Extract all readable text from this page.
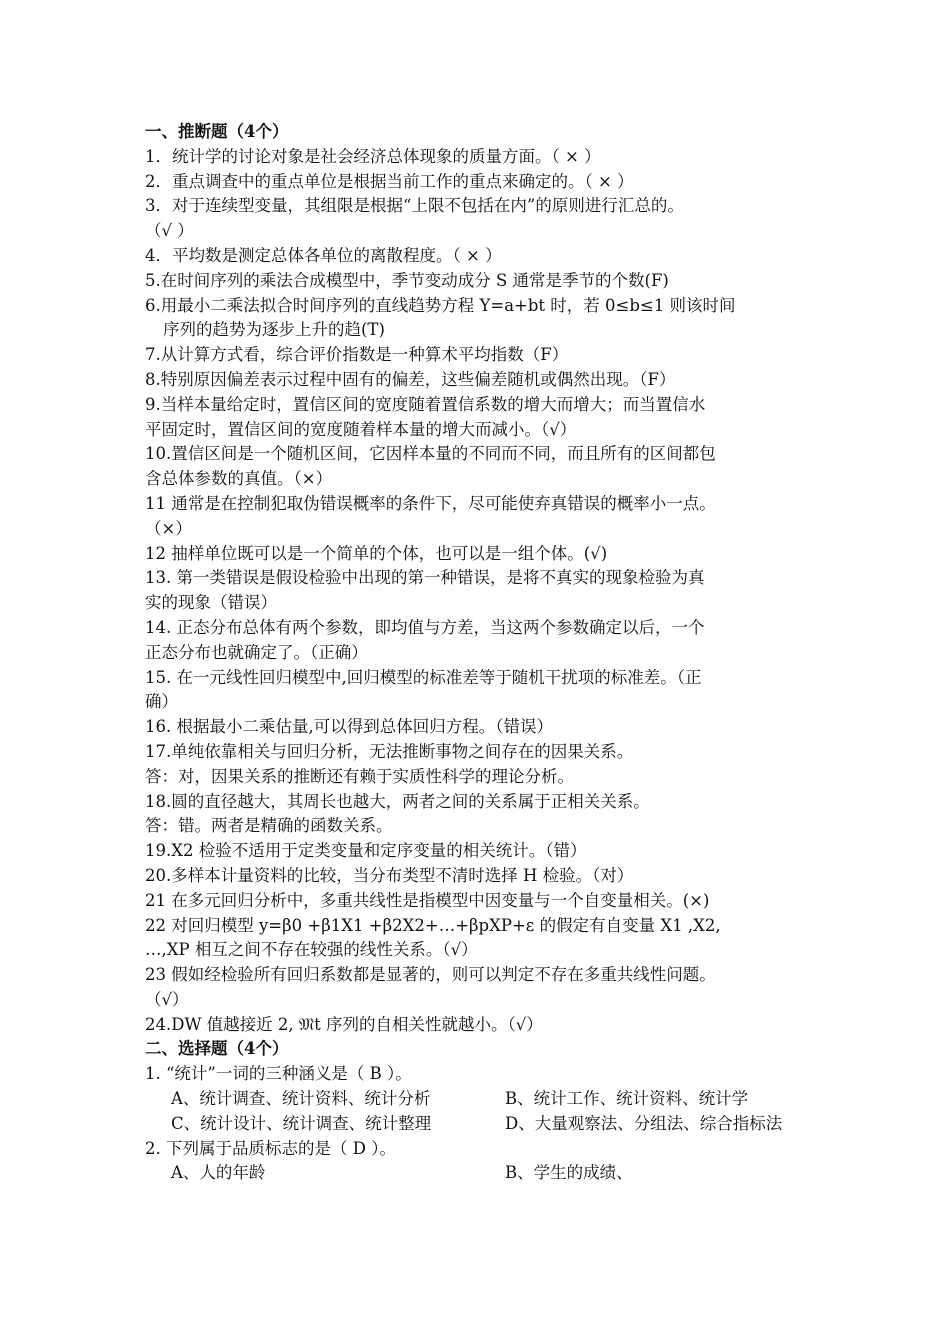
一、推断题（4个）
1．统计学的讨论对象是社会经济总体现象的质量方面。（ × ）
2．重点调查中的重点单位是根据当前工作的重点来确定的。（ × ）
3．对于连续型变量，其组限是根据“上限不包括在内”的原则进行汇总的。
（√ ）
4．平均数是测定总体各单位的离散程度。（ × ）
5.在时间序列的乘法合成模型中，季节变动成分 S 通常是季节的个数(F)
6.用最小二乘法拟合时间序列的直线趋势方程 Y=a+bt 时，若 0≤b≤1 则该时间
序列的趋势为逐步上升的趋(T)
7.从计算方式看，综合评价指数是一种算术平均指数（F）
8.特别原因偏差表示过程中固有的偏差，这些偏差随机或偶然出现。（F）
9.当样本量给定时，置信区间的宽度随着置信系数的增大而增大；而当置信水
平固定时，置信区间的宽度随着样本量的增大而减小。（√）
10.置信区间是一个随机区间，它因样本量的不同而不同，而且所有的区间都包
含总体参数的真值。（×）
11 通常是在控制犯取伪错误概率的条件下，尽可能使弃真错误的概率小一点。
（×）
12 抽样单位既可以是一个简单的个体，也可以是一组个体。(√)
13. 第一类错误是假设检验中出现的第一种错误，是将不真实的现象检验为真
实的现象（错误）
14. 正态分布总体有两个参数，即均值与方差，当这两个参数确定以后，一个
正态分布也就确定了。（正确）
15. 在一元线性回归模型中,回归模型的标准差等于随机干扰项的标准差。（正
确）
16. 根据最小二乘估量,可以得到总体回归方程。（错误）
17.单纯依靠相关与回归分析，无法推断事物之间存在的因果关系。
答：对，因果关系的推断还有赖于实质性科学的理论分析。
18.圆的直径越大，其周长也越大，两者之间的关系属于正相关关系。
答：错。两者是精确的函数关系。
19.X2 检验不适用于定类变量和定序变量的相关统计。（错）
20.多样本计量资料的比较，当分布类型不清时选择 H 检验。（对）
21 在多元回归分析中，多重共线性是指模型中因变量与一个自变量相关。(×)
22 对回归模型 y=β0 +β1X1 +β2X2+…+βpXP+ε 的假定有自变量 X1 ,X2,
…,XP 相互之间不存在较强的线性关系。（√）
23 假如经检验所有回归系数都是显著的，则可以判定不存在多重共线性问题。
（√）
24.DW 值越接近 2, 𝔐t 序列的自相关性就越小。（√）
二、选择题（4个）
1. “统计”一词的三种涵义是（ B ）。
A、统计调查、统计资料、统计分析	B、统计工作、统计资料、统计学
C、统计设计、统计调查、统计整理	D、大量观察法、分组法、综合指标法
2. 下列属于品质标志的是（ D ）。
A、人的年龄	B、学生的成绩、
